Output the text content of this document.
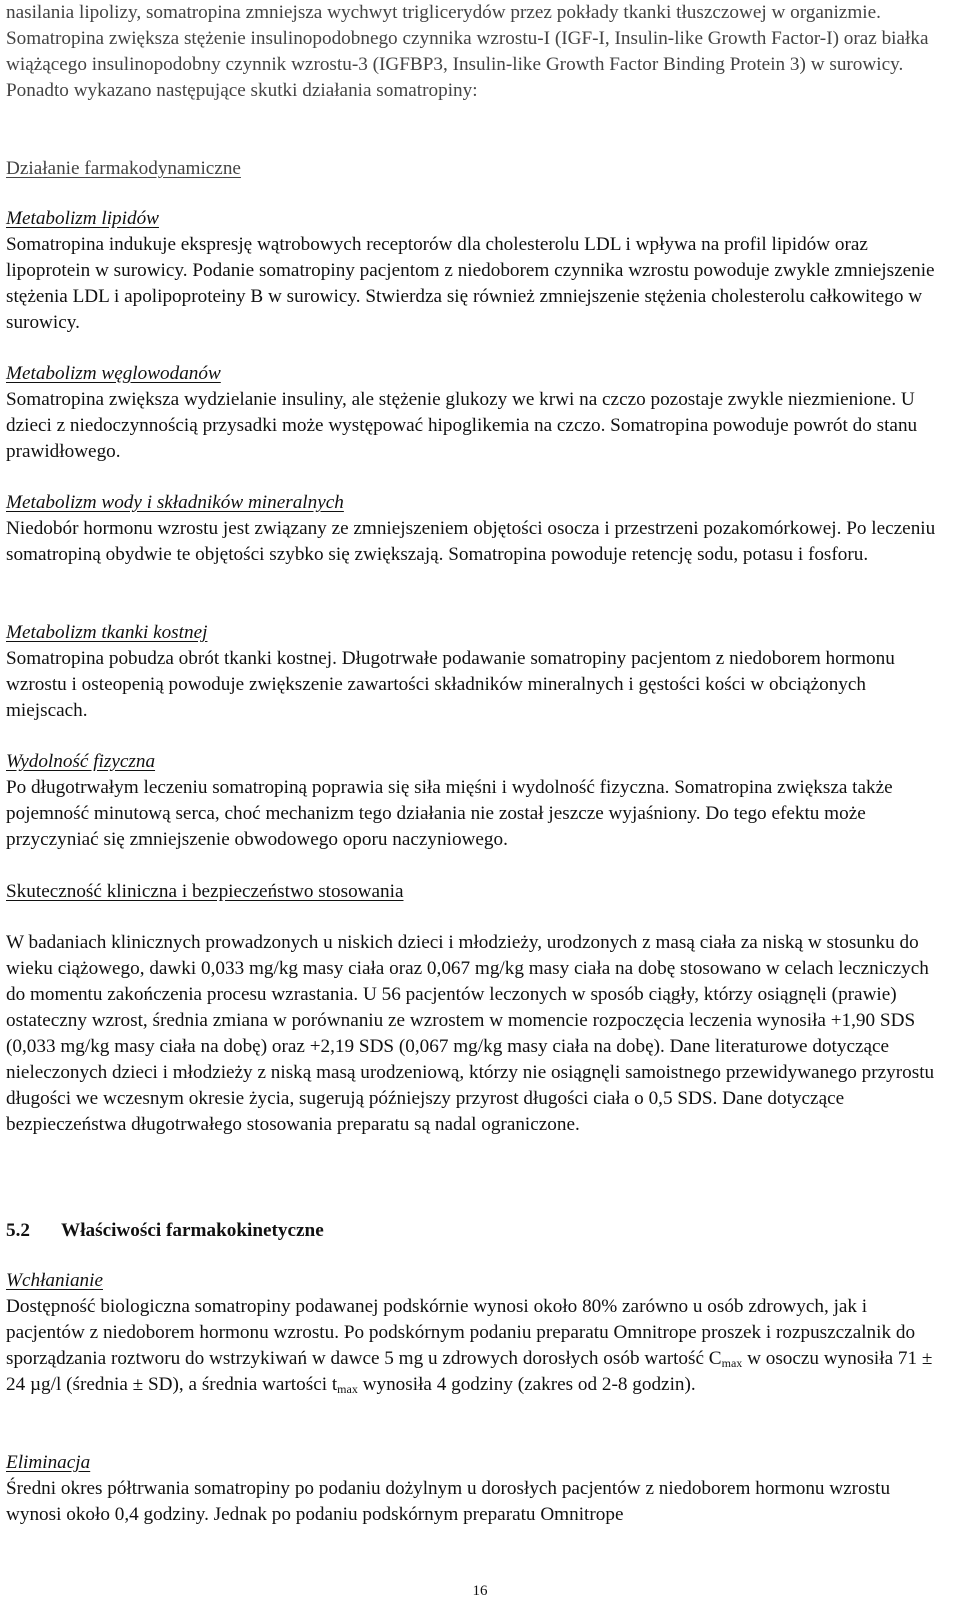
nasilania lipolizy, somatropina zmniejsza wychwyt triglicerydów przez pokłady tkanki tłuszczowej w organizmie. Somatropina zwiększa stężenie insulinopodobnego czynnika wzrostu-I (IGF-I, Insulin-like Growth Factor-I) oraz białka wiążącego insulinopodobny czynnik wzrostu-3 (IGFBP3, Insulin-like Growth Factor Binding Protein 3) w surowicy. Ponadto wykazano następujące skutki działania somatropiny:

Działanie farmakodynamiczne

Metabolizm lipidów

Somatropina indukuje ekspresję wątrobowych receptorów dla cholesterolu LDL i wpływa na profil lipidów oraz lipoprotein w surowicy. Podanie somatropiny pacjentom z niedoborem czynnika wzrostu powoduje zwykle zmniejszenie stężenia LDL i apolipoproteiny B w surowicy. Stwierdza się również zmniejszenie stężenia cholesterolu całkowitego w surowicy.

Metabolizm węglowodanów

Somatropina zwiększa wydzielanie insuliny, ale stężenie glukozy we krwi na czczo pozostaje zwykle niezmienione. U dzieci z niedoczynnością przysadki może występować hipoglikemia na czczo. Somatropina powoduje powrót do stanu prawidłowego.

Metabolizm wody i składników mineralnych

Niedobór hormonu wzrostu jest związany ze zmniejszeniem objętości osocza i przestrzeni pozakomórkowej. Po leczeniu somatropiną obydwie te objętości szybko się zwiększają. Somatropina powoduje retencję sodu, potasu i fosforu.

Metabolizm tkanki kostnej

Somatropina pobudza obrót tkanki kostnej. Długotrwałe podawanie somatropiny pacjentom z niedoborem hormonu wzrostu i osteopenią powoduje zwiększenie zawartości składników mineralnych i gęstości kości w obciążonych miejscach.

Wydolność fizyczna

Po długotrwałym leczeniu somatropiną poprawia się siła mięśni i wydolność fizyczna. Somatropina zwiększa także pojemność minutową serca, choć mechanizm tego działania nie został jeszcze wyjaśniony. Do tego efektu może przyczyniać się zmniejszenie obwodowego oporu naczyniowego.

Skuteczność kliniczna i bezpieczeństwo stosowania

W badaniach klinicznych prowadzonych u niskich dzieci i młodzieży, urodzonych z masą ciała za niską w stosunku do wieku ciążowego, dawki 0,033 mg/kg masy ciała oraz 0,067 mg/kg masy ciała na dobę stosowano w celach leczniczych do momentu zakończenia procesu wzrastania. U 56 pacjentów leczonych w sposób ciągły, którzy osiągnęli (prawie) ostateczny wzrost, średnia zmiana w porównaniu ze wzrostem w momencie rozpoczęcia leczenia wynosiła +1,90 SDS (0,033 mg/kg masy ciała na dobę) oraz +2,19 SDS (0,067 mg/kg masy ciała na dobę). Dane literaturowe dotyczące nieleczonych dzieci i młodzieży z niską masą urodzeniową, którzy nie osiągnęli samoistnego przewidywanego przyrostu długości we wczesnym okresie życia, sugerują późniejszy przyrost długości ciała o 0,5 SDS. Dane dotyczące bezpieczeństwa długotrwałego stosowania preparatu są nadal ograniczone.

5.2 Właściwości farmakokinetyczne

Wchłanianie

Dostępność biologiczna somatropiny podawanej podskórnie wynosi około 80% zarówno u osób zdrowych, jak i pacjentów z niedoborem hormonu wzrostu. Po podskórnym podaniu preparatu Omnitrope proszek i rozpuszczalnik do sporządzania roztworu do wstrzykiwań w dawce 5 mg u zdrowych dorosłych osób wartość $C_{max}$ w osoczu wynosiła 71 ± 24 µg/l (średnia ± SD), a średnia wartości $t_{max}$ wynosiła 4 godziny (zakres od 2-8 godzin).

Eliminacja

Średni okres półtrwania somatropiny po podaniu dożylnym u dorosłych pacjentów z niedoborem hormonu wzrostu wynosi około 0,4 godziny. Jednak po podaniu podskórnym preparatu Omnitrope

16
